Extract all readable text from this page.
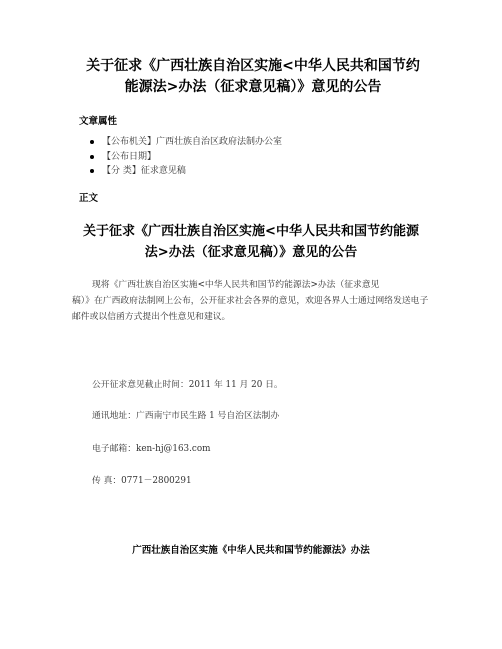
关于征求《广西壮族自治区实施<中华人民共和国节约
能源法>办法（征求意见稿）》意见的公告
文章属性
【公布机关】广西壮族自治区政府法制办公室
【公布日期】
【分 类】征求意见稿
正文
关于征求《广西壮族自治区实施<中华人民共和国节约能源
法>办法（征求意见稿）》意见的公告
现将《广西壮族自治区实施<中华人民共和国节约能源法>办法（征求意见
稿）》在广西政府法制网上公布，公开征求社会各界的意见，欢迎各界人士通过网络发送电子邮件或以信函方式提出个性意见和建议。
公开征求意见截止时间：2011 年 11 月 20 日。
通讯地址：广西南宁市民生路 1 号自治区法制办
电子邮箱：ken-hj@163.com
传 真：0771－2800291
广西壮族自治区实施《中华人民共和国节约能源法》办法
